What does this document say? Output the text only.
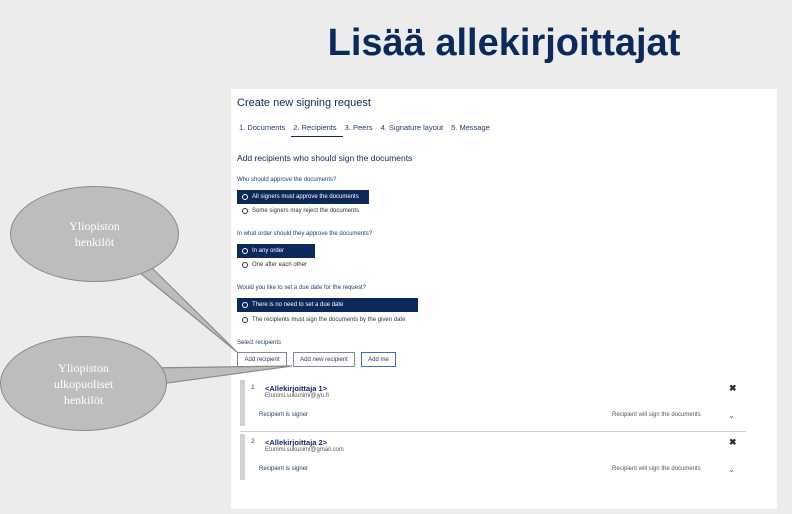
Lisää allekirjoittajat
Create new signing request
1. Documents	2. Recipients	3. Peers	4. Signature layout	5. Message
Add recipients who should sign the documents
Who should approve the documents?
All signers must approve the documents
Some signers may reject the documents
In what order should they approve the documents?
In any order
One after each other
Would you like to set a due date for the request?
There is no need to set a due date
The recipients must sign the documents by the given date
Select recipients
Add recipient	Add new recipient	Add me
1 <Allekirjoittaja 1>
Etunimi.sukunimi@jyu.fi
Recipient is signer	Recipient will sign the documents
✖
⌄
2 <Allekirjoittaja 2>
Etunimi.sukunimi@gmail.com
Recipient is signer	Recipient will sign the documents
✖
⌄
Yliopiston henkilöt
Yliopiston ulkopuoliset henkilöt
